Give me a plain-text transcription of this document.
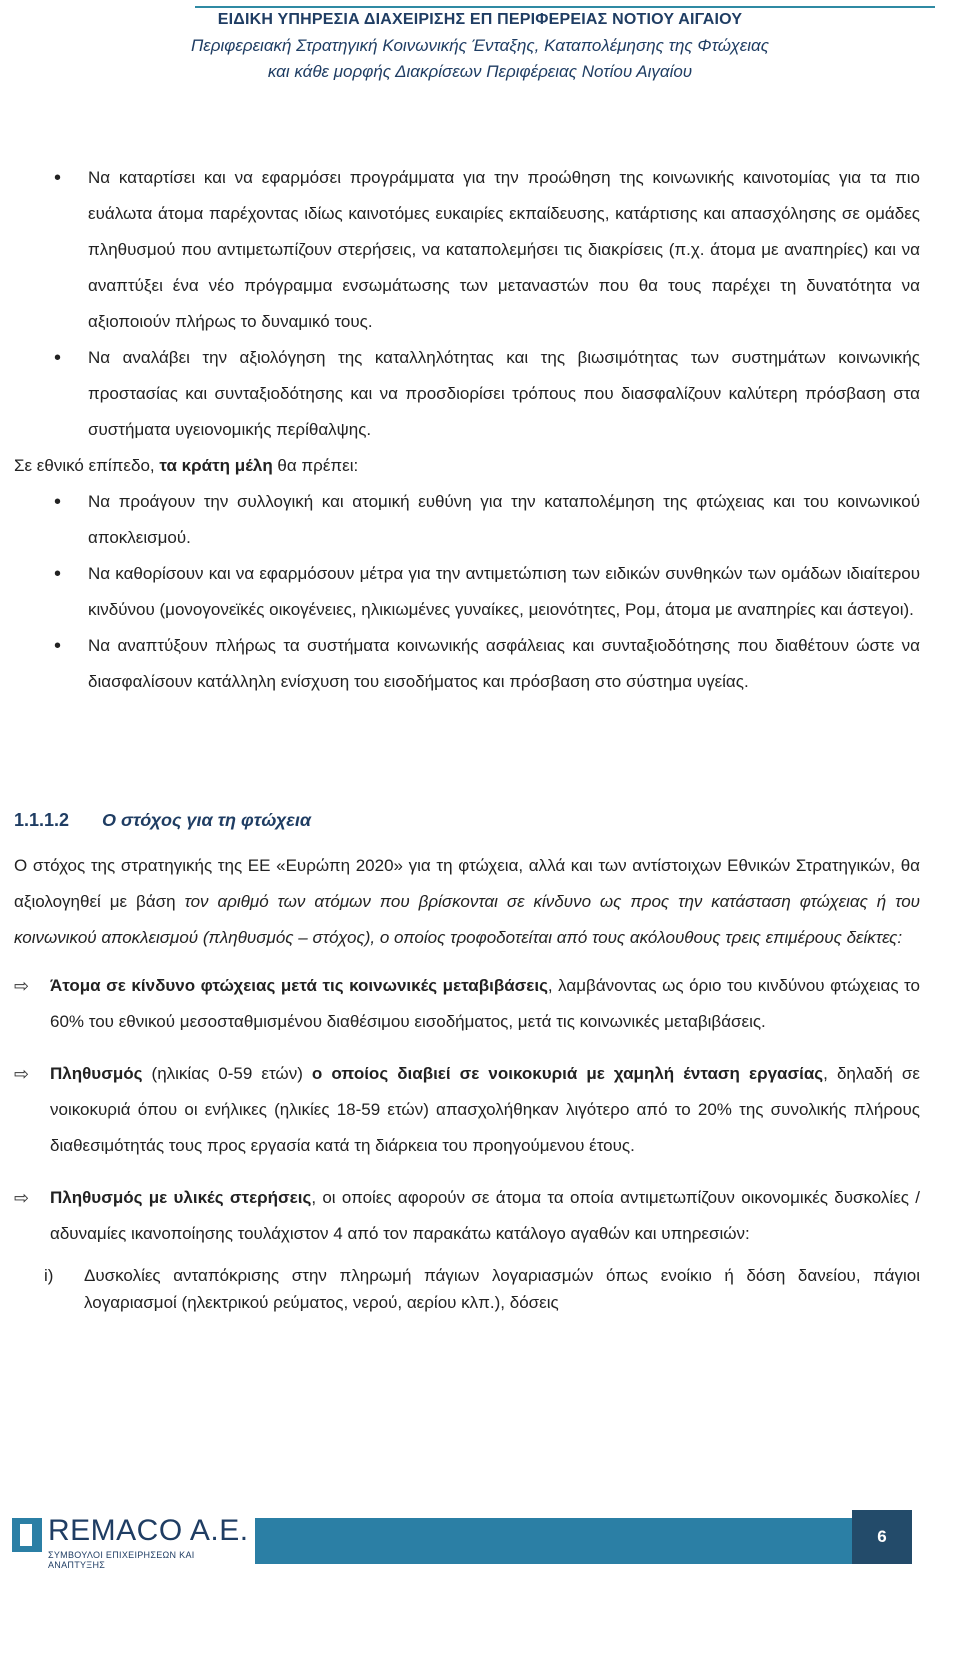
ΕΙΔΙΚΗ ΥΠΗΡΕΣΙΑ ΔΙΑΧΕΙΡΙΣΗΣ ΕΠ ΠΕΡΙΦΕΡΕΙΑΣ ΝΟΤΙΟΥ ΑΙΓΑΙΟΥ
Περιφερειακή Στρατηγική Κοινωνικής Ένταξης, Καταπολέμησης της Φτώχειας
και κάθε μορφής Διακρίσεων Περιφέρειας Νοτίου Αιγαίου
• Να καταρτίσει και να εφαρμόσει προγράμματα για την προώθηση της κοινωνικής καινοτομίας για τα πιο ευάλωτα άτομα παρέχοντας ιδίως καινοτόμες ευκαιρίες εκπαίδευσης, κατάρτισης και απασχόλησης σε ομάδες πληθυσμού που αντιμετωπίζουν στερήσεις, να καταπολεμήσει τις διακρίσεις (π.χ. άτομα με αναπηρίες) και να αναπτύξει ένα νέο πρόγραμμα ενσωμάτωσης των μεταναστών που θα τους παρέχει τη δυνατότητα να αξιοποιούν πλήρως το δυναμικό τους.
• Να αναλάβει την αξιολόγηση της καταλληλότητας και της βιωσιμότητας των συστημάτων κοινωνικής προστασίας και συνταξιοδότησης και να προσδιορίσει τρόπους που διασφαλίζουν καλύτερη πρόσβαση στα συστήματα υγειονομικής περίθαλψης.

Σε εθνικό επίπεδο, τα κράτη μέλη θα πρέπει:

• Να προάγουν την συλλογική και ατομική ευθύνη για την καταπολέμηση της φτώχειας και του κοινωνικού αποκλεισμού.
• Να καθορίσουν και να εφαρμόσουν μέτρα για την αντιμετώπιση των ειδικών συνθηκών των ομάδων ιδιαίτερου κινδύνου (μονογονεϊκές οικογένειες, ηλικιωμένες γυναίκες, μειονότητες, Ρομ, άτομα με αναπηρίες και άστεγοι).
• Να αναπτύξουν πλήρως τα συστήματα κοινωνικής ασφάλειας και συνταξιοδότησης που διαθέτουν ώστε να διασφαλίσουν κατάλληλη ενίσχυση του εισοδήματος και πρόσβαση στο σύστημα υγείας.
1.1.1.2 Ο στόχος για τη φτώχεια

Ο στόχος της στρατηγικής της ΕΕ «Ευρώπη 2020» για τη φτώχεια, αλλά και των αντίστοιχων Εθνικών Στρατηγικών, θα αξιολογηθεί με βάση τον αριθμό των ατόμων που βρίσκονται σε κίνδυνο ως προς την κατάσταση φτώχειας ή του κοινωνικού αποκλεισμού (πληθυσμός – στόχος), ο οποίος τροφοδοτείται από τους ακόλουθους τρεις επιμέρους δείκτες:

⇨ Άτομα σε κίνδυνο φτώχειας μετά τις κοινωνικές μεταβιβάσεις, λαμβάνοντας ως όριο του κινδύνου φτώχειας το 60% του εθνικού μεσοσταθμισμένου διαθέσιμου εισοδήματος, μετά τις κοινωνικές μεταβιβάσεις.
⇨ Πληθυσμός (ηλικίας 0-59 ετών) ο οποίος διαβιεί σε νοικοκυριά με χαμηλή ένταση εργασίας, δηλαδή σε νοικοκυριά όπου οι ενήλικες (ηλικίες 18-59 ετών) απασχολήθηκαν λιγότερο από το 20% της συνολικής πλήρους διαθεσιμότητάς τους προς εργασία κατά τη διάρκεια του προηγούμενου έτους.
⇨ Πληθυσμός με υλικές στερήσεις, οι οποίες αφορούν σε άτομα τα οποία αντιμετωπίζουν οικονομικές δυσκολίες / αδυναμίες ικανοποίησης τουλάχιστον 4 από τον παρακάτω κατάλογο αγαθών και υπηρεσιών:
i) Δυσκολίες ανταπόκρισης στην πληρωμή πάγιων λογαριασμών όπως ενοίκιο ή δόση δανείου, πάγιοι λογαριασμοί (ηλεκτρικού ρεύματος, νερού, αερίου κλπ.), δόσεις
REMACO A.E.
ΣΥΜΒΟΥΛΟΙ ΕΠΙΧΕΙΡΗΣΕΩΝ ΚΑΙ ΑΝΑΠΤΥΞΗΣ
6
